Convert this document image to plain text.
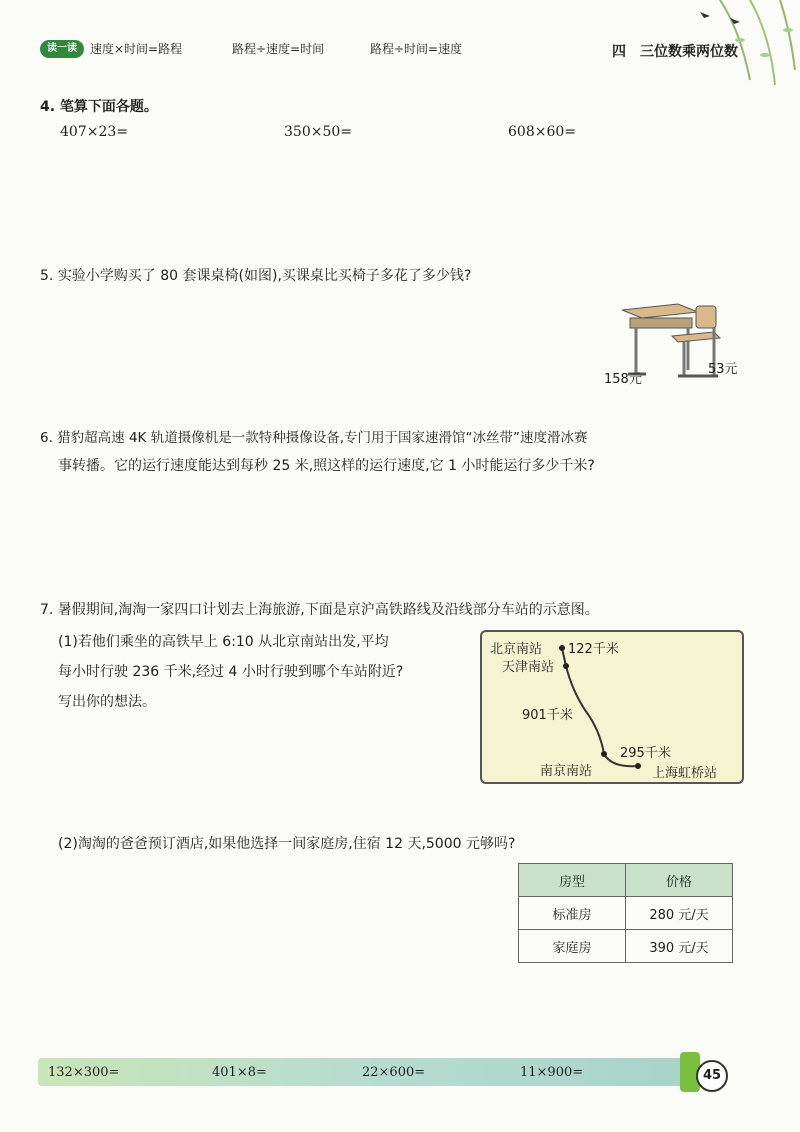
读一读	速度×时间=路程	路程÷速度=时间	路程÷时间=速度	四　三位数乘两位数
4. 笔算下面各题。
407×23=	350×50=	608×60=
5. 实验小学购买了 80 套课桌椅(如图),买课桌比买椅子多花了多少钱?
158元
53元
6. 猎豹超高速 4K 轨道摄像机是一款特种摄像设备,专门用于国家速滑馆“冰丝带”速度滑冰赛
事转播。它的运行速度能达到每秒 25 米,照这样的运行速度,它 1 小时能运行多少千米?
7. 暑假期间,淘淘一家四口计划去上海旅游,下面是京沪高铁路线及沿线部分车站的示意图。
(1)若他们乘坐的高铁早上 6:10 从北京南站出发,平均
每小时行驶 236 千米,经过 4 小时行驶到哪个车站附近?
写出你的想法。
北京南站 122千米
天津南站
901千米
295千米
南京南站	上海虹桥站
(2)淘淘的爸爸预订酒店,如果他选择一间家庭房,住宿 12 天,5000 元够吗?
房型	价格
标准房	280 元/天
家庭房	390 元/天
132×300=	401×8=	22×600=	11×900=	45
